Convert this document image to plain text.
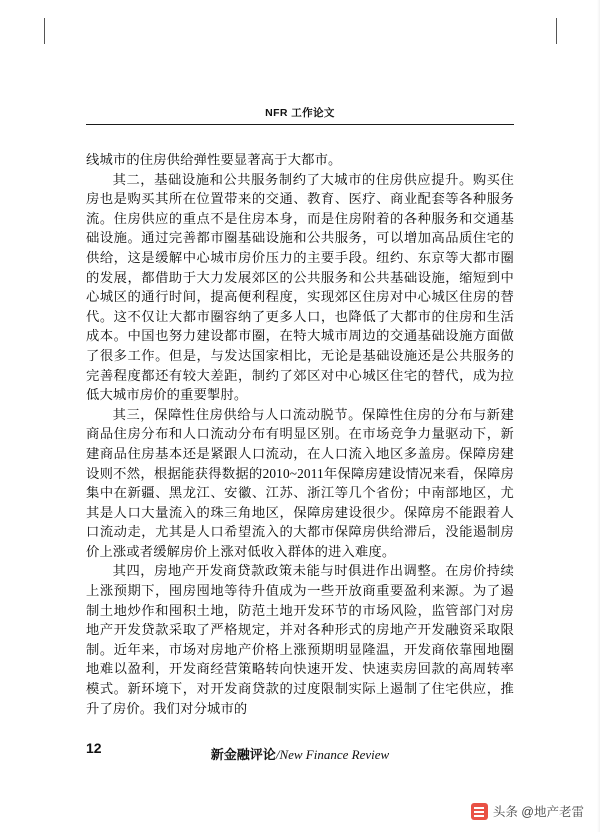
NFR 工作论文

线城市的住房供给弹性要显著高于大都市。

其二，基础设施和公共服务制约了大城市的住房供应提升。购买住房也是购买其所在位置带来的交通、教育、医疗、商业配套等各种服务流。住房供应的重点不是住房本身，而是住房附着的各种服务和交通基础设施。通过完善都市圈基础设施和公共服务，可以增加高品质住宅的供给，这是缓解中心城市房价压力的主要手段。纽约、东京等大都市圈的发展，都借助于大力发展郊区的公共服务和公共基础设施，缩短到中心城区的通行时间，提高便利程度，实现郊区住房对中心城区住房的替代。这不仅让大都市圈容纳了更多人口，也降低了大都市的住房和生活成本。中国也努力建设都市圈，在特大城市周边的交通基础设施方面做了很多工作。但是，与发达国家相比，无论是基础设施还是公共服务的完善程度都还有较大差距，制约了郊区对中心城区住宅的替代，成为拉低大城市房价的重要掣肘。

其三，保障性住房供给与人口流动脱节。保障性住房的分布与新建商品住房分布和人口流动分布有明显区别。在市场竞争力量驱动下，新建商品住房基本还是紧跟人口流动，在人口流入地区多盖房。保障房建设则不然，根据能获得数据的2010~2011年保障房建设情况来看，保障房集中在新疆、黑龙江、安徽、江苏、浙江等几个省份；中南部地区，尤其是人口大量流入的珠三角地区，保障房建设很少。保障房不能跟着人口流动走，尤其是人口希望流入的大都市保障房供给滞后，没能遏制房价上涨或者缓解房价上涨对低收入群体的进入难度。

其四，房地产开发商贷款政策未能与时俱进作出调整。在房价持续上涨预期下，囤房囤地等待升值成为一些开放商重要盈利来源。为了遏制土地炒作和囤积土地，防范土地开发环节的市场风险，监管部门对房地产开发贷款采取了严格规定，并对各种形式的房地产开发融资采取限制。近年来，市场对房地产价格上涨预期明显隆温，开发商依靠囤地圈地难以盈利，开发商经营策略转向快速开发、快速卖房回款的高周转率模式。新环境下，对开发商贷款的过度限制实际上遏制了住宅供应，推升了房价。我们对分城市的

12	新金融评论/New Finance Review
头条 @地产老雷
